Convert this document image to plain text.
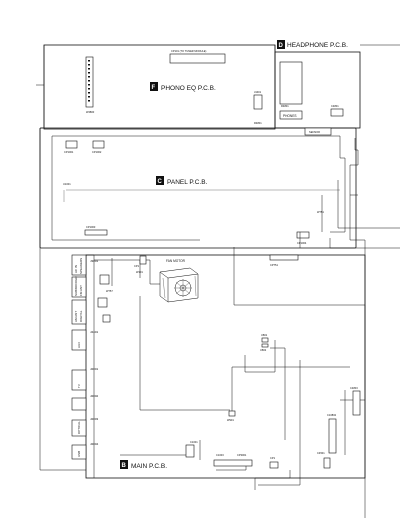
CP101 (TO TUNER MODULE)
W4800
F PHONO EQ P.C.B.
J4401
R4801
D HEADPHONE P.C.B.
R4801
PHONES
C4801
SENSOR
CP1001	CP1002
U1001	C PANEL P.C.B.
CP1003
W751
CP1004
CP751
J3001
AC IN SPEAKERS
SUBWOOFER FM ANT
AM ANT DIGITAL
J4401
AUX
J2001
TV
J2002
OPTICAL
J2003
USB
J2004
W757
FAN MOTOR
CP1
W101
U801
U802
W901
C4803
C10802
C4501
C1001
C1003	CP3001
CP1
B MAIN P.C.B.
